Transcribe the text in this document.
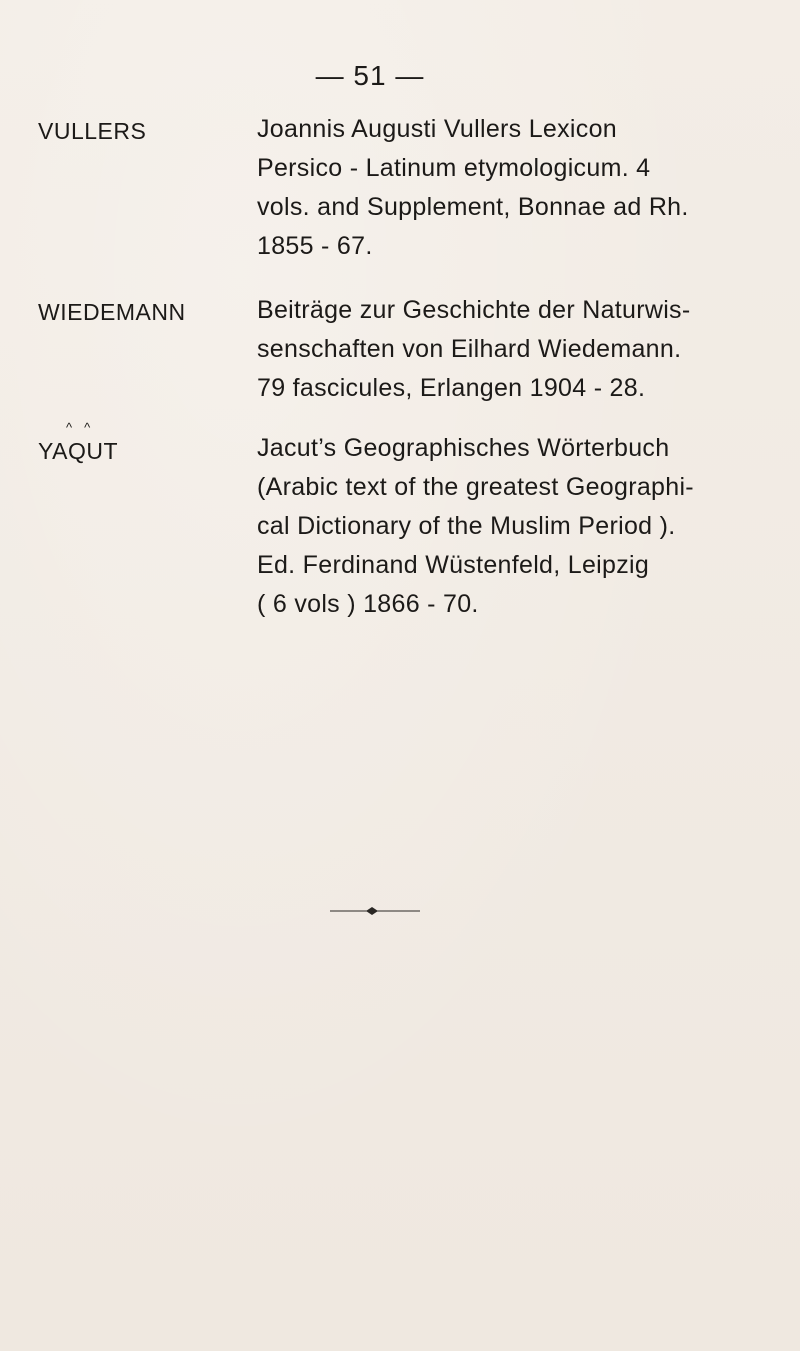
— 51 —
VULLERS	Joannis Augusti Vullers Lexicon
Persico - Latinum etymologicum. 4
vols. and Supplement, Bonnae ad Rh.
1855 - 67.
WIEDEMANN	Beiträge zur Geschichte der Naturwis-
senschaften von Eilhard Wiedemann.
79 fascicules, Erlangen 1904 - 28.
^^
YAQUT	Jacut’s Geographisches Wörterbuch
(Arabic text of the greatest Geographi-
cal Dictionary of the Muslim Period ).
Ed. Ferdinand Wüstenfeld, Leipzig
( 6 vols ) 1866 - 70.
